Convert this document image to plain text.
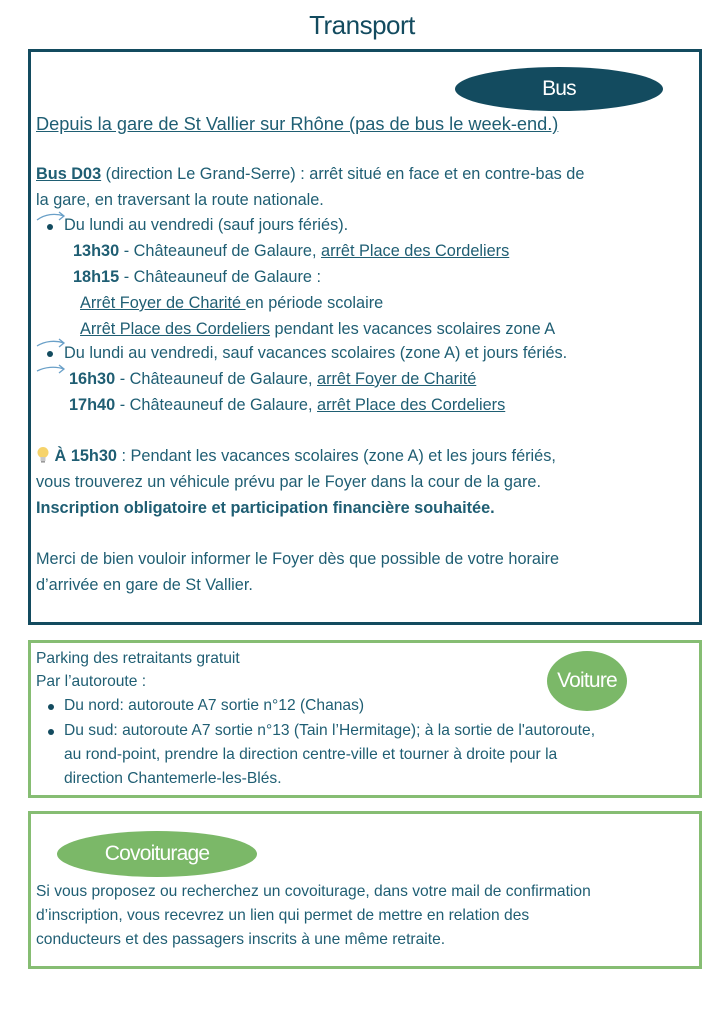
Transport
Bus
Depuis la gare de St Vallier sur Rhône (pas de bus le week-end.)
Bus D03 (direction Le Grand-Serre) : arrêt situé en face et en contre-bas de
la gare, en traversant la route nationale.
Du lundi au vendredi (sauf jours fériés).
13h30 - Châteauneuf de Galaure, arrêt Place des Cordeliers
18h15 - Châteauneuf de Galaure :
Arrêt Foyer de Charité en période scolaire
Arrêt Place des Cordeliers pendant les vacances scolaires zone A
Du lundi au vendredi, sauf vacances scolaires (zone A) et jours fériés.
16h30 - Châteauneuf de Galaure, arrêt Foyer de Charité
17h40 - Châteauneuf de Galaure, arrêt Place des Cordeliers
À 15h30 : Pendant les vacances scolaires (zone A) et les jours fériés,
vous trouverez un véhicule prévu par le Foyer dans la cour de la gare.
Inscription obligatoire et participation financière souhaitée.
Merci de bien vouloir informer le Foyer dès que possible de votre horaire
d’arrivée en gare de St Vallier.
Voiture
Parking des retraitants gratuit
Par l’autoroute :
Du nord: autoroute A7 sortie n°12 (Chanas)
Du sud: autoroute A7 sortie n°13 (Tain l’Hermitage); à la sortie de l'autoroute,
au rond-point, prendre la direction centre-ville et tourner à droite pour la
direction Chantemerle-les-Blés.
Covoiturage
Si vous proposez ou recherchez un covoiturage, dans votre mail de confirmation
d’inscription, vous recevrez un lien qui permet de mettre en relation des
conducteurs et des passagers inscrits à une même retraite.
